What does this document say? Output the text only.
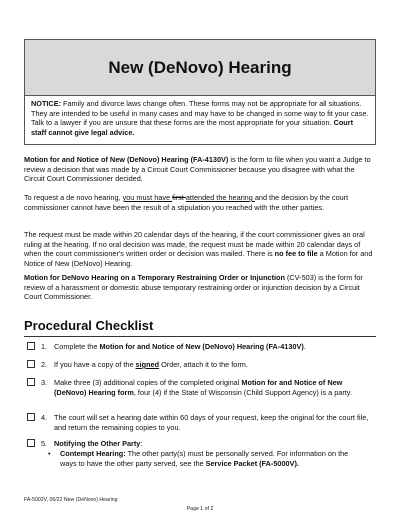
New (DeNovo) Hearing
NOTICE: Family and divorce laws change often. These forms may not be appropriate for all situations. They are intended to be useful in many cases and may have to be changed in some way to fit your case. Talk to a lawyer if you are unsure that these forms are the most appropriate for your situation. Court staff cannot give legal advice.
Motion for and Notice of New (DeNovo) Hearing (FA-4130V) is the form to file when you want a Judge to review a decision that was made by a Circuit Court Commissioner because you disagree with what the Circuit Court Commissioner decided.
To request a de novo hearing, you must have first attended the hearing and the decision by the court commissioner cannot have been the result of a stipulation you reached with the other parties.
The request must be made within 20 calendar days of the hearing, if the court commissioner gives an oral ruling at the hearing. If no oral decision was made, the request must be made within 20 calendar days of when the court commissioner's written order or decision was mailed. There is no fee to file a Motion for and Notice of New (DeNovo) Hearing.
Motion for DeNovo Hearing on a Temporary Restraining Order or Injunction (CV-503) is the form for review of a harassment or domestic abuse temporary restraining order or injunction decision by a Circuit Court Commissioner.
Procedural Checklist
1. Complete the Motion for and Notice of New (DeNovo) Hearing (FA-4130V).
2. If you have a copy of the signed Order, attach it to the form.
3. Make three (3) additional copies of the completed original Motion for and Notice of New (DeNovo) Hearing form, four (4) if the State of Wisconsin (Child Support Agency) is a party.
4. The court will set a hearing date within 60 days of your request, keep the original for the court file, and return the remaining copies to you.
5. Notifying the Other Party:
• Contempt Hearing: The other party(s) must be personally served. For information on the ways to have the other party served, see the Service Packet (FA-5000V).
FA-5002V, 06/22 New (DeNovo) Hearing
Page 1 of 2
